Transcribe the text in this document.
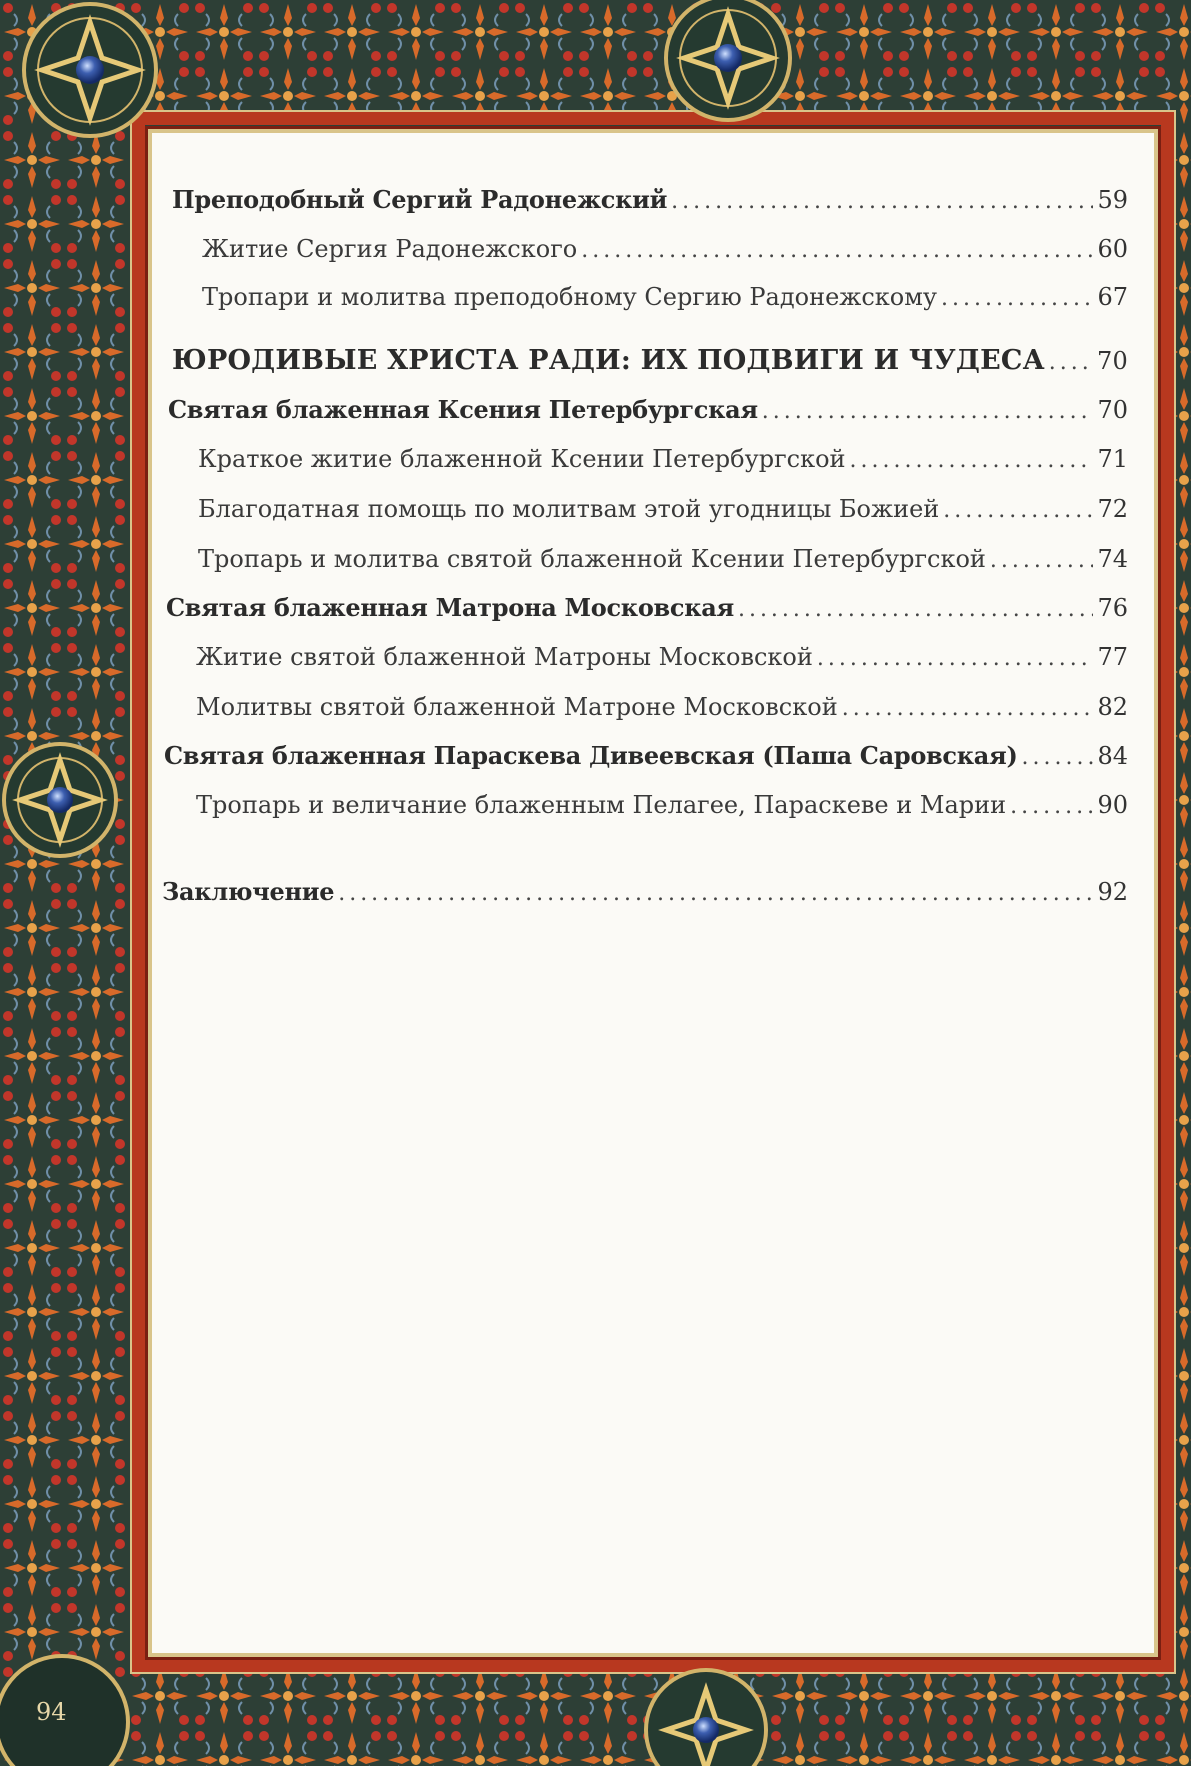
Преподобный Сергий Радонежский .....	59
Житие Сергия Радонежского .....	60
Тропари и молитва преподобному Сергию Радонежскому .....	67
ЮРОДИВЫЕ ХРИСТА РАДИ: ИХ ПОДВИГИ И ЧУДЕСА ..... 70
Святая блаженная Ксения Петербургская .....	70
Краткое житие блаженной Ксении Петербургской .....	71
Благодатная помощь по молитвам этой угодницы Божией .....	72
Тропарь и молитва святой блаженной Ксении Петербургской .....	74
Святая блаженная Матрона Московская .....	76
Житие святой блаженной Матроны Московской .....	77
Молитвы святой блаженной Матроне Московской .....	82
Святая блаженная Параскева Дивеевская (Паша Саровская) .....	84
Тропарь и величание блаженным Пелагее, Параскеве и Марии .....	90
Заключение .....	92
94
